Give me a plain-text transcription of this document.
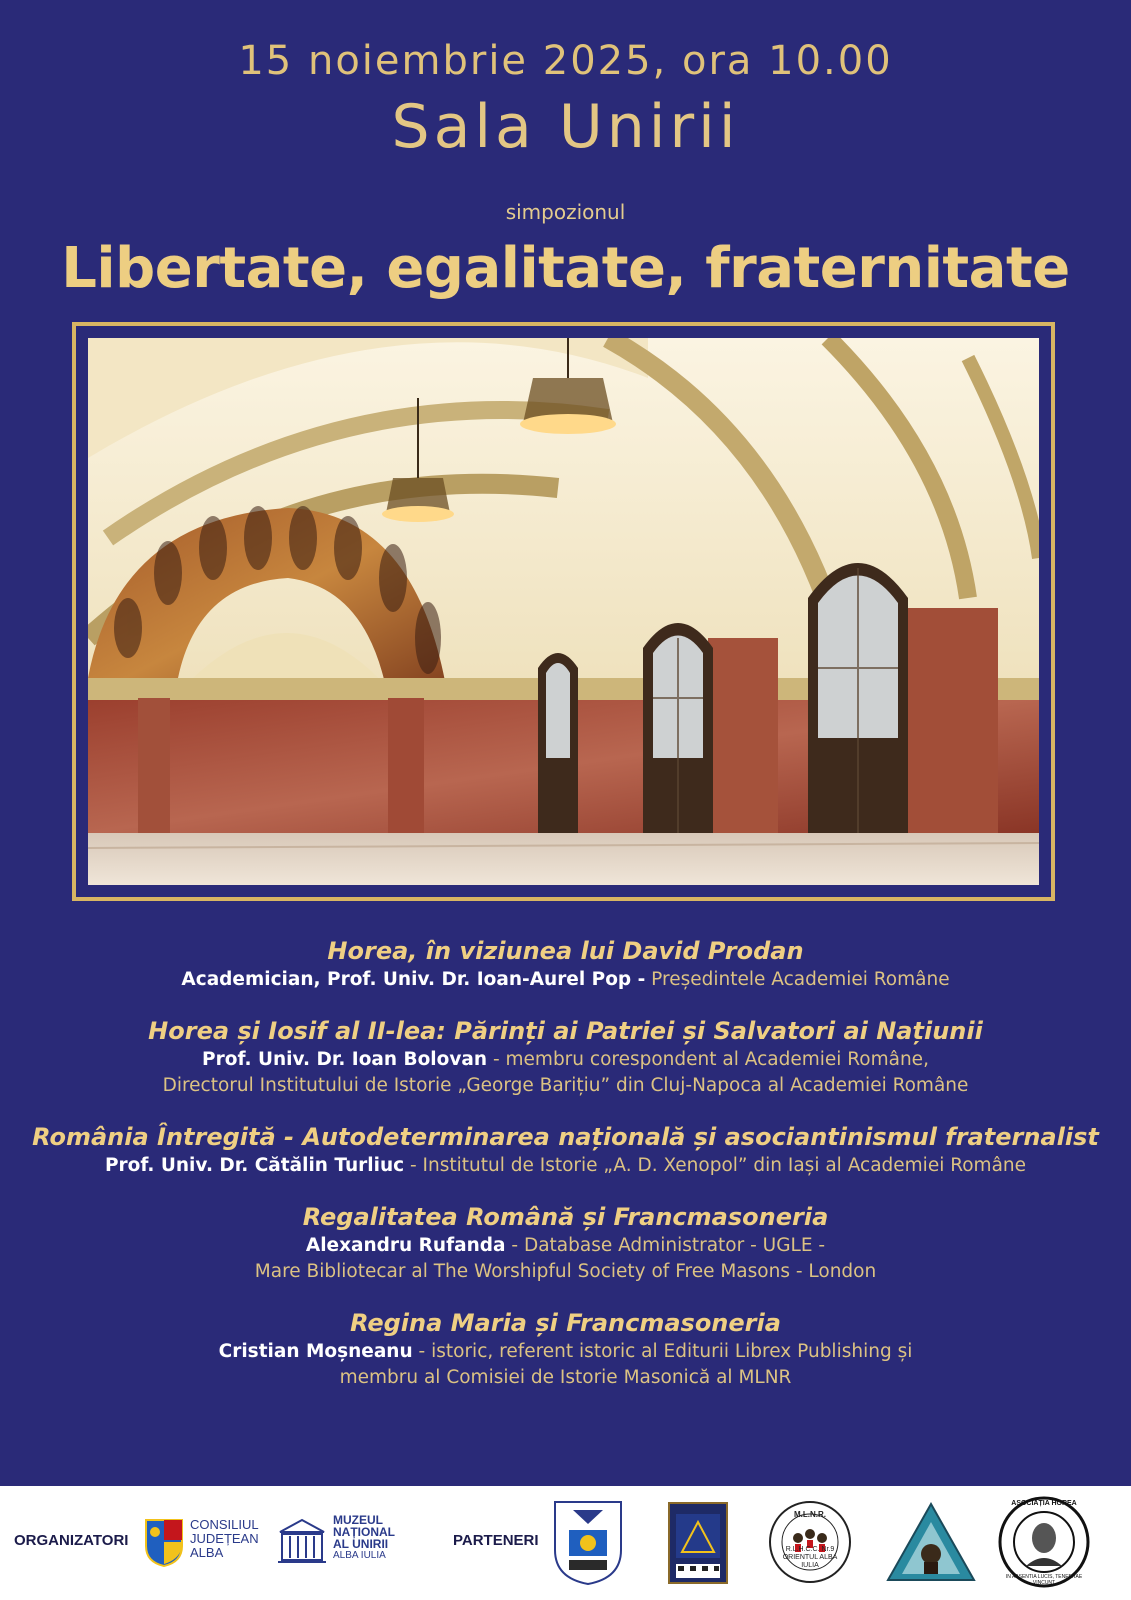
15 noiembrie 2025, ora 10.00
Sala Unirii
simpozionul
Libertate, egalitate, fraternitate
Horea, în viziunea lui David Prodan
Academician, Prof. Univ. Dr. Ioan-Aurel Pop - Președintele Academiei Române
Horea și Iosif al II-lea: Părinți ai Patriei și Salvatori ai Națiunii
Prof. Univ. Dr. Ioan Bolovan - membru corespondent al Academiei Române,
Directorul Institutului de Istorie „George Barițiu” din Cluj-Napoca al Academiei Române
România Întregită - Autodeterminarea națională și asociantinismul fraternalist
Prof. Univ. Dr. Cătălin Turliuc - Institutul de Istorie „A. D. Xenopol” din Iași al Academiei Române
Regalitatea Română și Francmasoneria
Alexandru Rufanda - Database Administrator - UGLE -
Mare Bibliotecar al The Worshipful Society of Free Masons - London
Regina Maria și Francmasoneria
Cristian Moșneanu - istoric, referent istoric al Editurii Librex Publishing și
membru al Comisiei de Istorie Masonică al MLNR
ORGANIZATORI
CONSILIUL
JUDEȚEAN
ALBA
MUZEUL
NAȚIONAL
AL UNIRII
ALBA IULIA
PARTENERI
M.L.N.R.
R.L.H.C.C. Nr.9
ORIENTUL ALBA IULIA
ASOCIAȚIA HOREA
IN ABSENTIA LUCIS, TENEBRAE VINCUNT
